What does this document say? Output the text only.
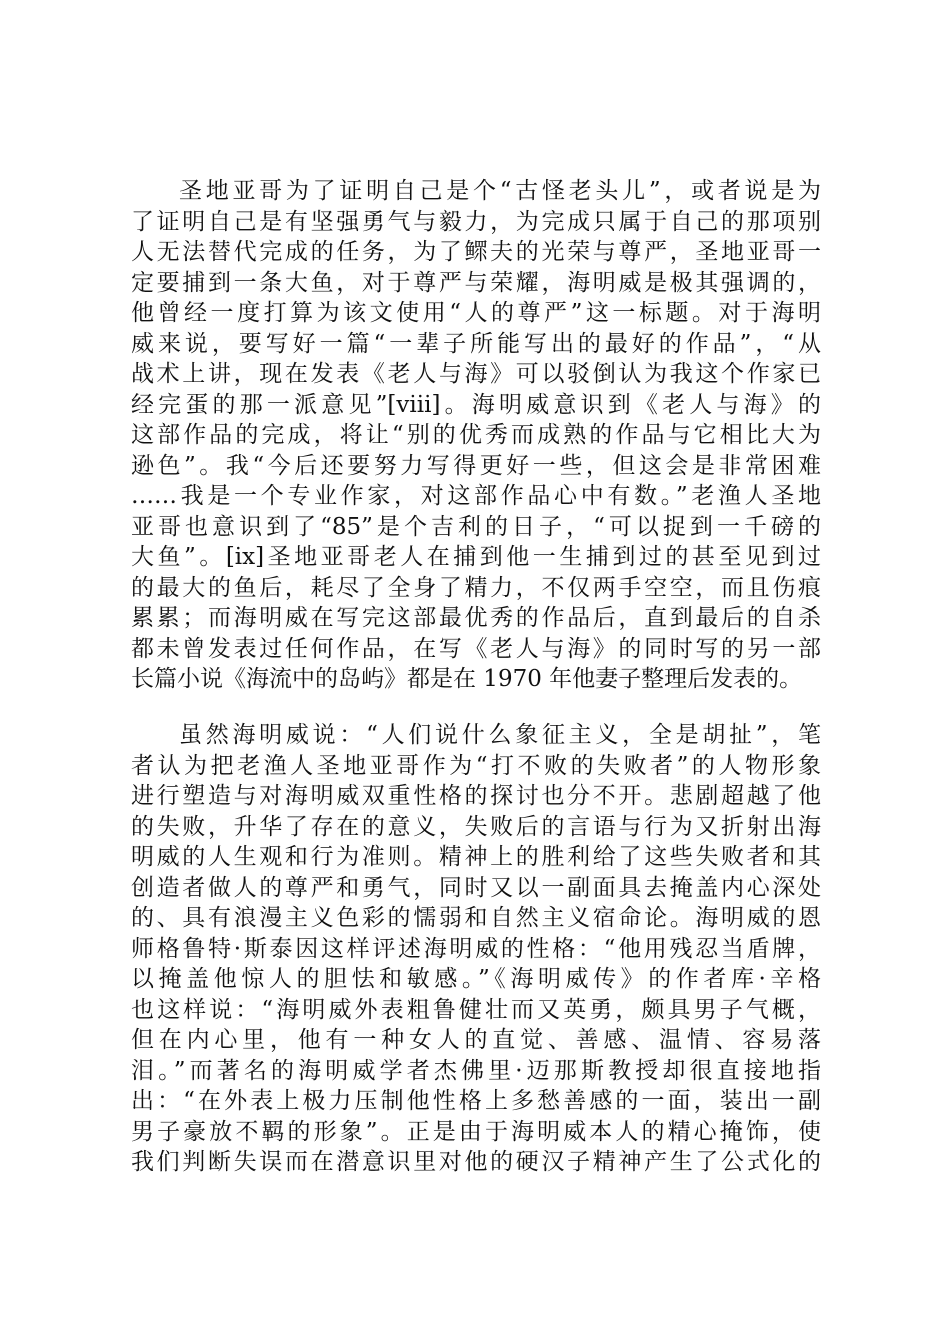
圣地亚哥为了证明自己是个“古怪老头儿”，或者说是为
了证明自己是有坚强勇气与毅力，为完成只属于自己的那项别
人无法替代完成的任务，为了鳏夫的光荣与尊严，圣地亚哥一
定要捕到一条大鱼，对于尊严与荣耀，海明威是极其强调的，
他曾经一度打算为该文使用“人的尊严”这一标题。对于海明
威来说，要写好一篇“一辈子所能写出的最好的作品”，“从
战术上讲，现在发表《老人与海》可以驳倒认为我这个作家已
经完蛋的那一派意见”[viii]。海明威意识到《老人与海》的
这部作品的完成，将让“别的优秀而成熟的作品与它相比大为
逊色”。我“今后还要努力写得更好一些，但这会是非常困难
……我是一个专业作家，对这部作品心中有数。”老渔人圣地
亚哥也意识到了“85”是个吉利的日子，“可以捉到一千磅的
大鱼”。[ix]圣地亚哥老人在捕到他一生捕到过的甚至见到过
的最大的鱼后，耗尽了全身了精力，不仅两手空空，而且伤痕
累累；而海明威在写完这部最优秀的作品后，直到最后的自杀
都未曾发表过任何作品，在写《老人与海》的同时写的另一部
长篇小说《海流中的岛屿》都是在 1970 年他妻子整理后发表的。
虽然海明威说：“人们说什么象征主义，全是胡扯”，笔
者认为把老渔人圣地亚哥作为“打不败的失败者”的人物形象
进行塑造与对海明威双重性格的探讨也分不开。悲剧超越了他
的失败，升华了存在的意义，失败后的言语与行为又折射出海
明威的人生观和行为准则。精神上的胜利给了这些失败者和其
创造者做人的尊严和勇气，同时又以一副面具去掩盖内心深处
的、具有浪漫主义色彩的懦弱和自然主义宿命论。海明威的恩
师格鲁特·斯泰因这样评述海明威的性格：“他用残忍当盾牌，
以掩盖他惊人的胆怯和敏感。”《海明威传》的作者库·辛格
也这样说：“海明威外表粗鲁健壮而又英勇，颇具男子气概，
但在内心里，他有一种女人的直觉、善感、温情、容易落
泪。”而著名的海明威学者杰佛里·迈那斯教授却很直接地指
出：“在外表上极力压制他性格上多愁善感的一面，装出一副
男子豪放不羁的形象”。正是由于海明威本人的精心掩饰，使
我们判断失误而在潜意识里对他的硬汉子精神产生了公式化的
